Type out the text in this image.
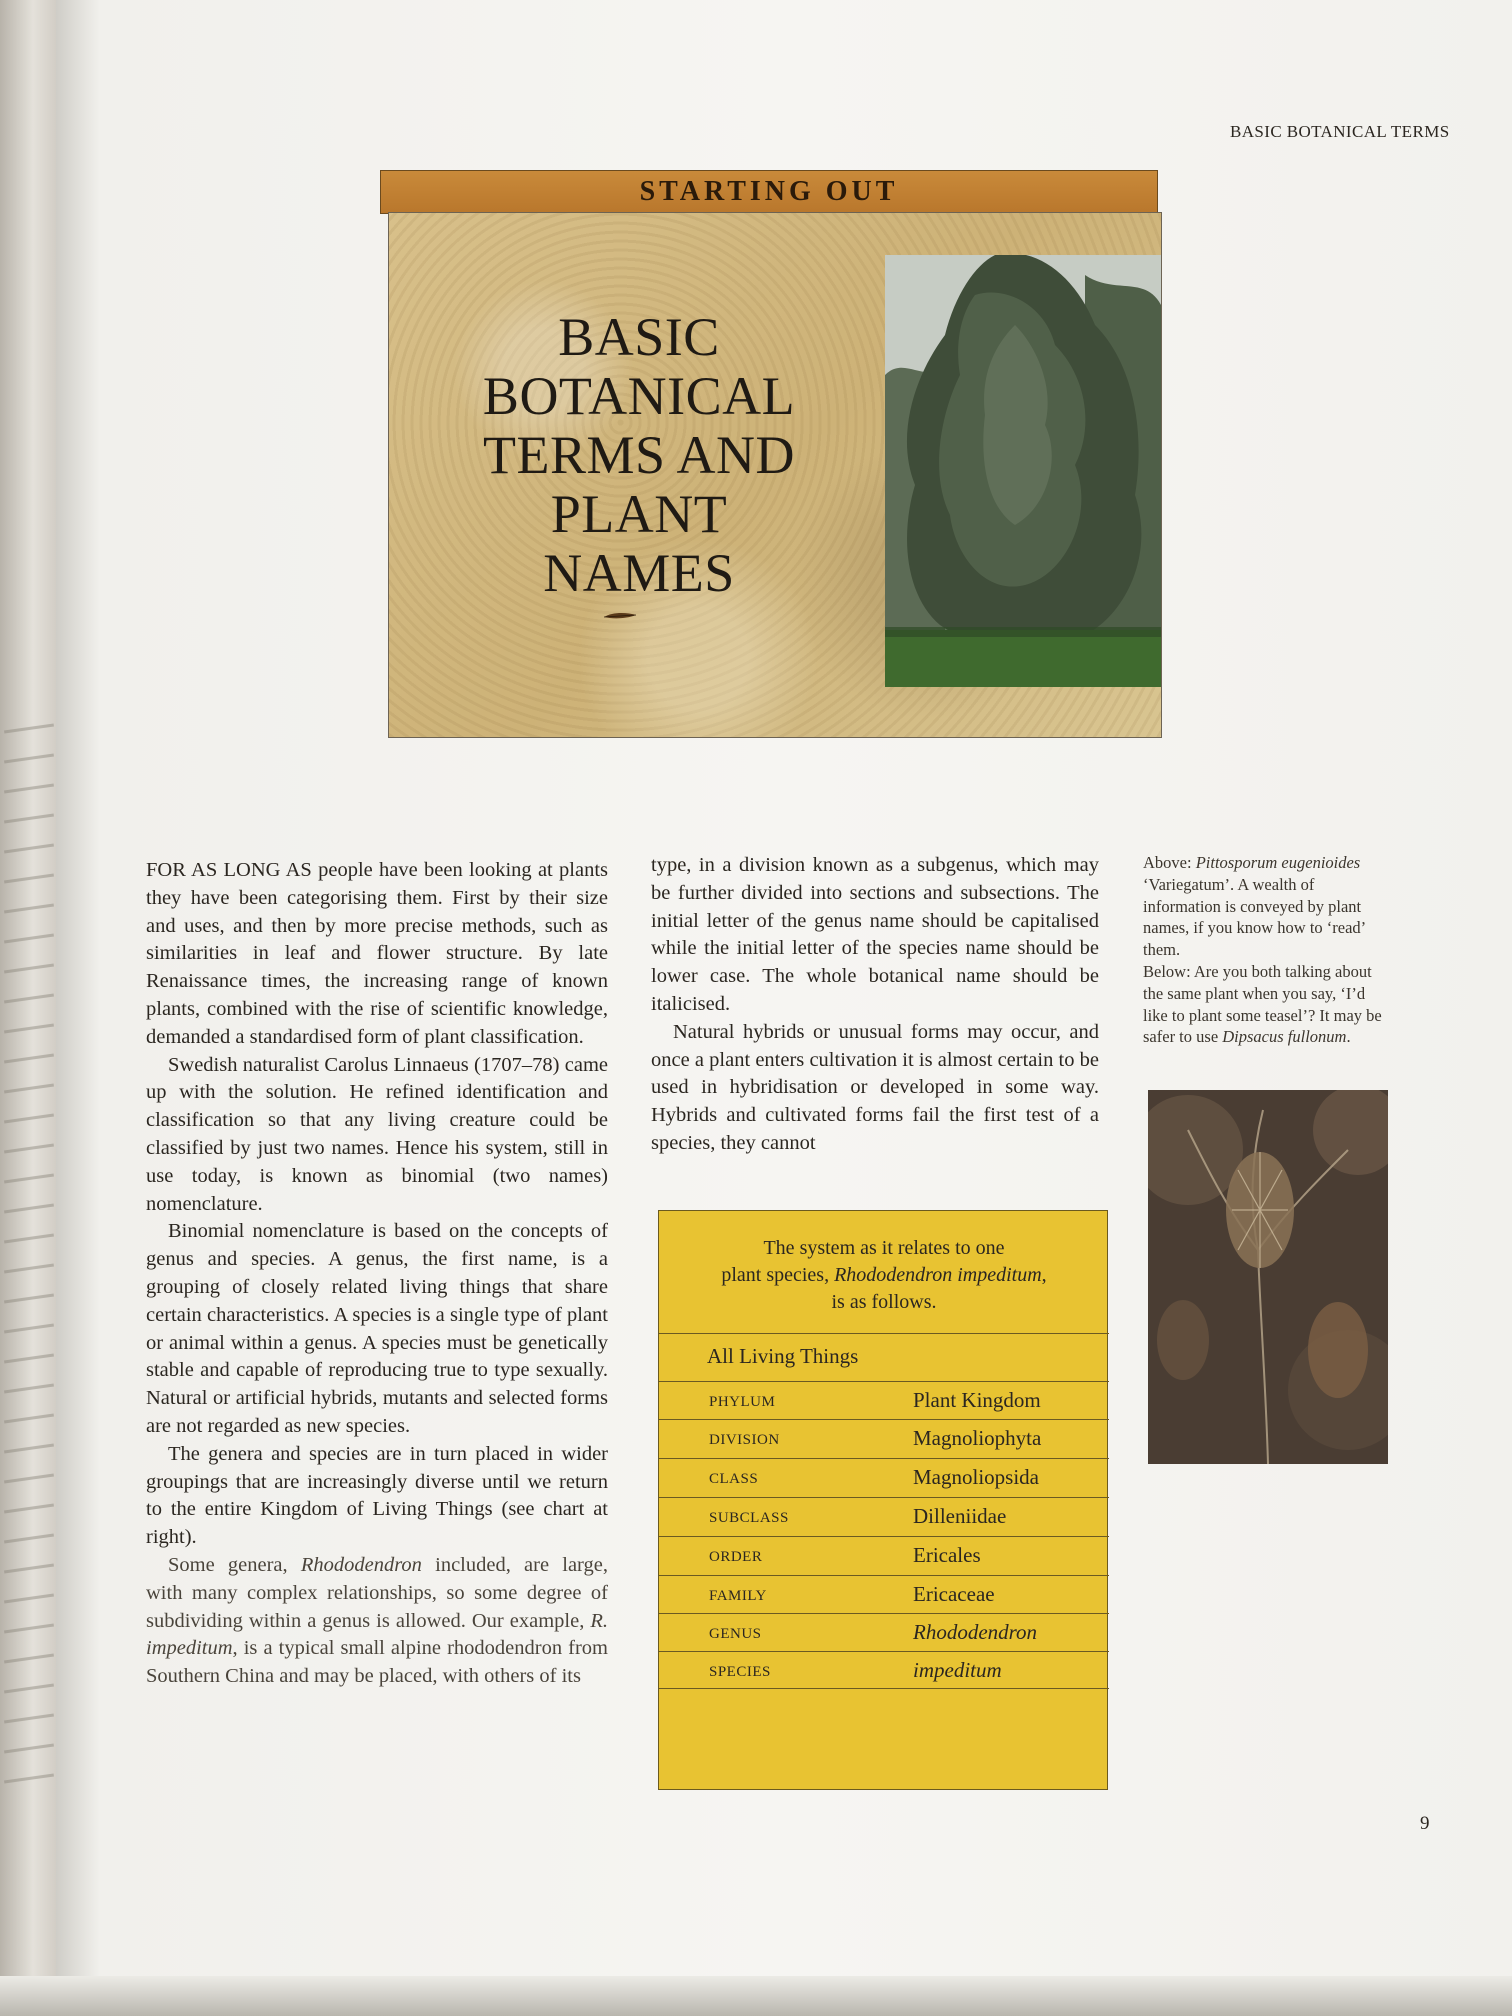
BASIC BOTANICAL TERMS
STARTING OUT
BASIC
BOTANICAL
TERMS AND
PLANT
NAMES

FOR AS LONG AS people have been looking at plants they have been categorising them. First by their size and uses, and then by more precise methods, such as similarities in leaf and flower structure. By late Renaissance times, the increasing range of known plants, combined with the rise of scientific knowledge, demanded a standardised form of plant classification.

Swedish naturalist Carolus Linnaeus (1707–78) came up with the solution. He refined identification and classification so that any living creature could be classified by just two names. Hence his system, still in use today, is known as binomial (two names) nomenclature.

Binomial nomenclature is based on the concepts of genus and species. A genus, the first name, is a grouping of closely related living things that share certain characteristics. A species is a single type of plant or animal within a genus. A species must be genetically stable and capable of reproducing true to type sexually. Natural or artificial hybrids, mutants and selected forms are not regarded as new species.

The genera and species are in turn placed in wider groupings that are increasingly diverse until we return to the entire Kingdom of Living Things (see chart at right).

Some genera, Rhododendron included, are large, with many complex relationships, so some degree of subdividing within a genus is allowed. Our example, R. impeditum, is a typical small alpine rhododendron from Southern China and may be placed, with others of its

type, in a division known as a subgenus, which may be further divided into sections and subsections. The initial letter of the genus name should be capitalised while the initial letter of the species name should be lower case. The whole botanical name should be italicised.

Natural hybrids or unusual forms may occur, and once a plant enters cultivation it is almost certain to be used in hybridisation or developed in some way. Hybrids and cultivated forms fail the first test of a species, they cannot

Above: Pittosporum eugenioides ‘Variegatum’. A wealth of information is conveyed by plant names, if you know how to ‘read’ them.

Below: Are you both talking about the same plant when you say, ‘I’d like to plant some teasel’? It may be safer to use Dipsacus fullonum.

The system as it relates to one

plant species, Rhododendron impeditum,

is as follows.

All Living Things
PHYLUM	Plant Kingdom
DIVISION	Magnoliophyta
CLASS	Magnoliopsida
SUBCLASS	Dilleniidae
ORDER	Ericales
FAMILY	Ericaceae
GENUS	Rhododendron
SPECIES	impeditum
9
